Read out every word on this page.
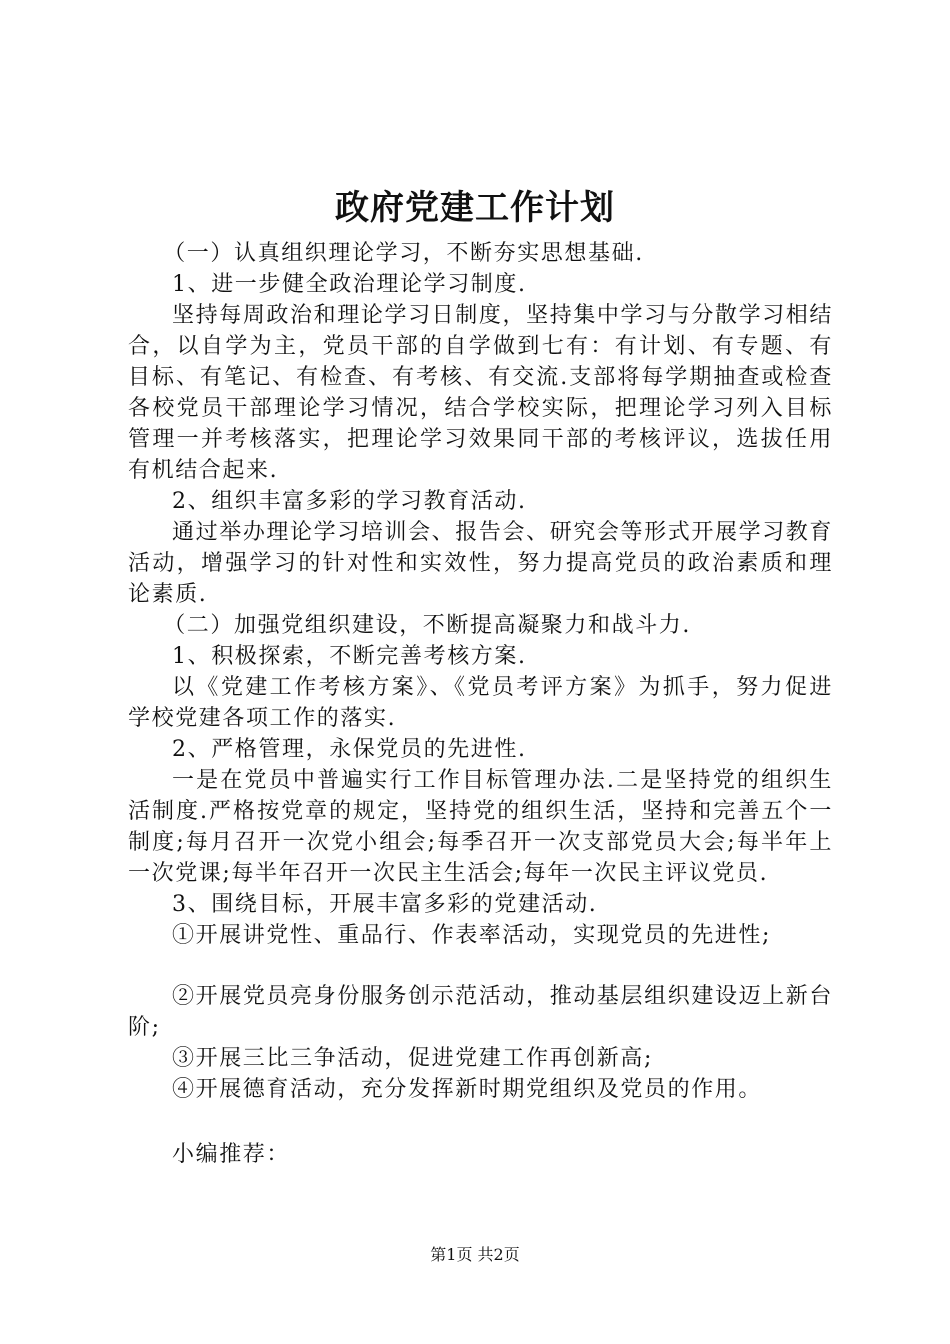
政府党建工作计划

（一）认真组织理论学习，不断夯实思想基础.

1、进一步健全政治理论学习制度.

坚持每周政治和理论学习日制度，坚持集中学习与分散学习相结合，以自学为主，党员干部的自学做到七有：有计划、有专题、有目标、有笔记、有检查、有考核、有交流.支部将每学期抽查或检查各校党员干部理论学习情况，结合学校实际，把理论学习列入目标管理一并考核落实，把理论学习效果同干部的考核评议，选拔任用有机结合起来.

2、组织丰富多彩的学习教育活动.

通过举办理论学习培训会、报告会、研究会等形式开展学习教育活动，增强学习的针对性和实效性，努力提高党员的政治素质和理论素质.

（二）加强党组织建设，不断提高凝聚力和战斗力.

1、积极探索，不断完善考核方案.

以《党建工作考核方案》、《党员考评方案》为抓手，努力促进学校党建各项工作的落实.

2、严格管理，永保党员的先进性.

一是在党员中普遍实行工作目标管理办法.二是坚持党的组织生活制度.严格按党章的规定，坚持党的组织生活，坚持和完善五个一制度;每月召开一次党小组会;每季召开一次支部党员大会;每半年上一次党课;每半年召开一次民主生活会;每年一次民主评议党员.

3、围绕目标，开展丰富多彩的党建活动.

①开展讲党性、重品行、作表率活动，实现党员的先进性;

②开展党员亮身份服务创示范活动，推动基层组织建设迈上新台阶;

③开展三比三争活动，促进党建工作再创新高;

④开展德育活动，充分发挥新时期党组织及党员的作用。

小编推荐：

第1页 共2页
